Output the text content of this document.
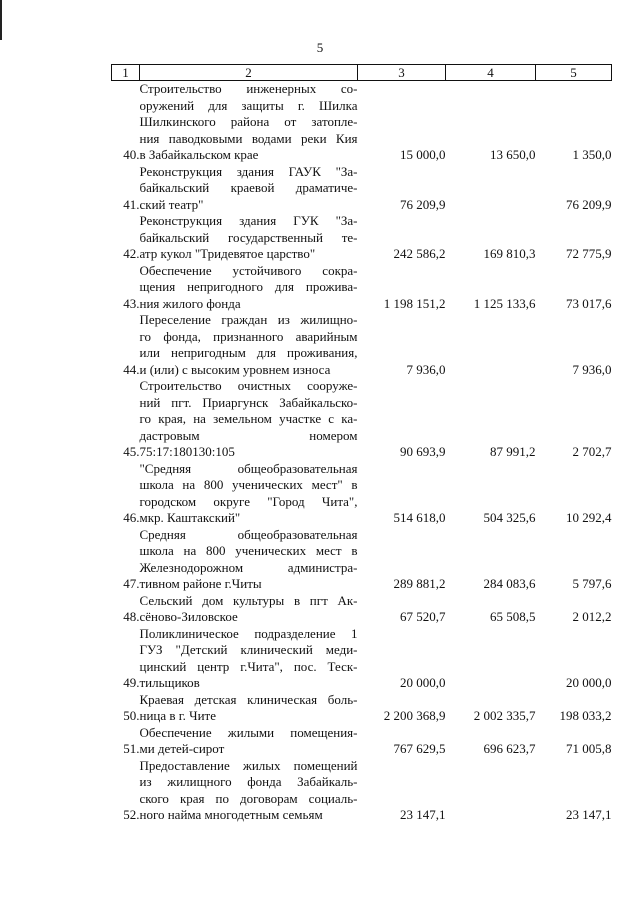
5
1	2	3	4	5
40.	Строительство инженерных со-
оружений для защиты г. Шилка
Шилкинского района от затопле-
ния паводковыми водами реки Кия
в Забайкальском крае	15 000,0	13 650,0	1 350,0
41.	Реконструкция здания ГАУК "За-
байкальский краевой драматиче-
ский театр"	76 209,9		76 209,9
42.	Реконструкция здания ГУК "За-
байкальский государственный те-
атр кукол "Тридевятое царство"	242 586,2	169 810,3	72 775,9
43.	Обеспечение устойчивого сокра-
щения непригодного для прожива-
ния жилого фонда	1 198 151,2	1 125 133,6	73 017,6
44.	Переселение граждан из жилищно-
го фонда, признанного аварийным
или непригодным для проживания,
и (или) с высоким уровнем износа	7 936,0		7 936,0
45.	Строительство очистных сооруже-
ний пгт. Приаргунск Забайкальско-
го края, на земельном участке с ка-
дастровым номером
75:17:180130:105	90 693,9	87 991,2	2 702,7
46.	"Средняя общеобразовательная
школа на 800 ученических мест" в
городском округе "Город Чита",
мкр. Каштакский"	514 618,0	504 325,6	10 292,4
47.	Средняя общеобразовательная
школа на 800 ученических мест в
Железнодорожном администра-
тивном районе г.Читы	289 881,2	284 083,6	5 797,6
48.	Сельский дом культуры в пгт Ак-
сёново-Зиловское	67 520,7	65 508,5	2 012,2
49.	Поликлиническое подразделение 1
ГУЗ "Детский клинический меди-
цинский центр г.Чита", пос. Теск-
тильщиков	20 000,0		20 000,0
50.	Краевая детская клиническая боль-
ница в г. Чите	2 200 368,9	2 002 335,7	198 033,2
51.	Обеспечение жилыми помещения-
ми детей-сирот	767 629,5	696 623,7	71 005,8
52.	Предоставление жилых помещений
из жилищного фонда Забайкаль-
ского края по договорам социаль-
ного найма многодетным семьям	23 147,1		23 147,1
